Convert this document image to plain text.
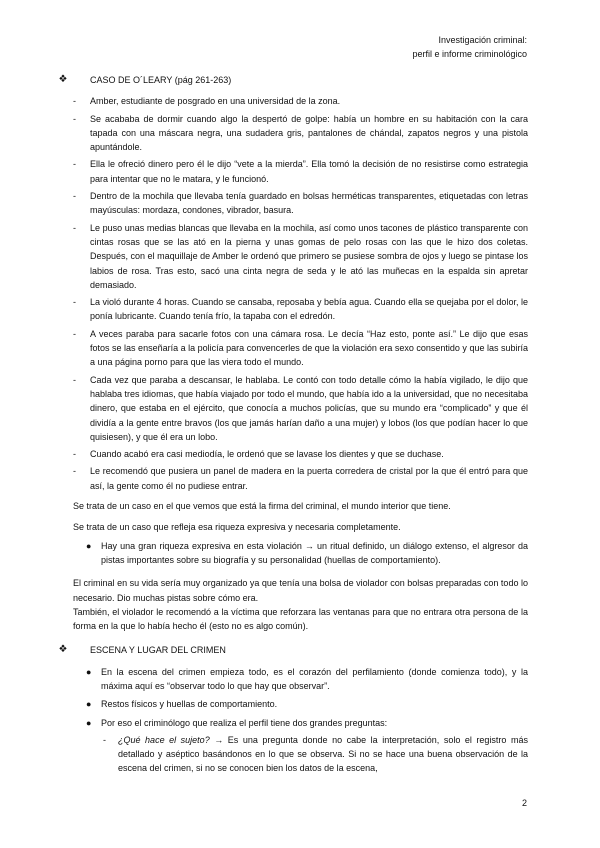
Investigación criminal:
perfil e informe criminológico
❖	CASO DE O´LEARY (pág 261-263)
- Amber, estudiante de posgrado en una universidad de la zona.
- Se acababa de dormir cuando algo la despertó de golpe: había un hombre en su habitación con la cara tapada con una máscara negra, una sudadera gris, pantalones de chándal, zapatos negros y una pistola apuntándole.
- Ella le ofreció dinero pero él le dijo “vete a la mierda”. Ella tomó la decisión de no resistirse como estrategia para intentar que no le matara, y le funcionó.
- Dentro de la mochila que llevaba tenía guardado en bolsas herméticas transparentes, etiquetadas con letras mayúsculas: mordaza, condones, vibrador, basura.
- Le puso unas medias blancas que llevaba en la mochila, así como unos tacones de plástico transparente con cintas rosas que se las ató en la pierna y unas gomas de pelo rosas con las que le hizo dos coletas. Después, con el maquillaje de Amber le ordenó que primero se pusiese sombra de ojos y luego se pintase los labios de rosa. Tras esto, sacó una cinta negra de seda y le ató las muñecas en la espalda sin apretar demasiado.
- La violó durante 4 horas. Cuando se cansaba, reposaba y bebía agua. Cuando ella se quejaba por el dolor, le ponía lubricante. Cuando tenía frío, la tapaba con el edredón.
- A veces paraba para sacarle fotos con una cámara rosa. Le decía “Haz esto, ponte así.” Le dijo que esas fotos se las enseñaría a la policía para convencerles de que la violación era sexo consentido y que las subiría a una página porno para que las viera todo el mundo.
- Cada vez que paraba a descansar, le hablaba. Le contó con todo detalle cómo la había vigilado, le dijo que hablaba tres idiomas, que había viajado por todo el mundo, que había ido a la universidad, que no necesitaba dinero, que estaba en el ejército, que conocía a muchos policías, que su mundo era “complicado” y que él dividía a la gente entre bravos (los que jamás harían daño a una mujer) y lobos (los que podían hacer lo que quisiesen), y que él era un lobo.
- Cuando acabó era casi mediodía, le ordenó que se lavase los dientes y que se duchase.
- Le recomendó que pusiera un panel de madera en la puerta corredera de cristal por la que él entró para que así, la gente como él no pudiese entrar.

Se trata de un caso en el que vemos que está la firma del criminal, el mundo interior que tiene.

Se trata de un caso que refleja esa riqueza expresiva y necesaria completamente.

● Hay una gran riqueza expresiva en esta violación → un ritual definido, un diálogo extenso, el algresor da pistas importantes sobre su biografía y su personalidad (huellas de comportamiento).

El criminal en su vida sería muy organizado ya que tenía una bolsa de violador con bolsas preparadas con todo lo necesario. Dio muchas pistas sobre cómo era.

También, el violador le recomendó a la víctima que reforzara las ventanas para que no entrara otra persona de la forma en la que lo había hecho él (esto no es algo común).

❖	ESCENA Y LUGAR DEL CRIMEN
● En la escena del crimen empieza todo, es el corazón del perfilamiento (donde comienza todo), y la máxima aquí es “observar todo lo que hay que observar”.
● Restos físicos y huellas de comportamiento.
● Por eso el criminólogo que realiza el perfil tiene dos grandes preguntas:
- ¿Qué hace el sujeto? → Es una pregunta donde no cabe la interpretación, solo el registro más detallado y aséptico basándonos en lo que se observa. Si no se hace una buena observación de la escena del crimen, si no se conocen bien los datos de la escena,
2
